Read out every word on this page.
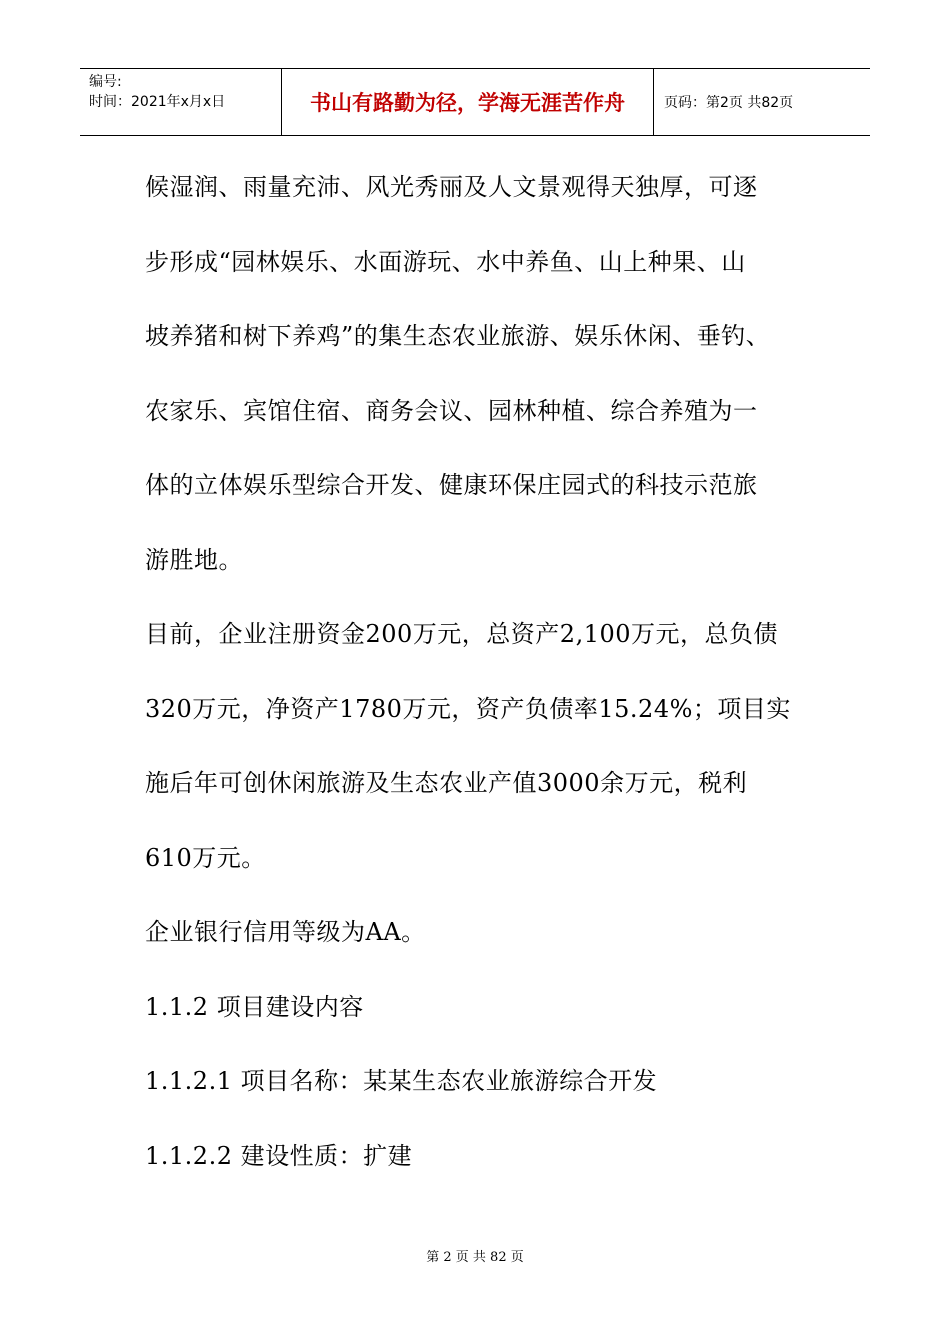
编号:
时间：2021年x月x日	书山有路勤为径，学海无涯苦作舟	页码：第2页 共82页
候湿润、雨量充沛、风光秀丽及人文景观得天独厚，可逐
步形成“园林娱乐、水面游玩、水中养鱼、山上种果、山
坡养猪和树下养鸡”的集生态农业旅游、娱乐休闲、垂钓、
农家乐、宾馆住宿、商务会议、园林种植、综合养殖为一
体的立体娱乐型综合开发、健康环保庄园式的科技示范旅
游胜地。
目前，企业注册资金200万元，总资产2,100万元，总负债
320万元，净资产1780万元，资产负债率15.24%；项目实
施后年可创休闲旅游及生态农业产值3000余万元，税利
610万元。
企业银行信用等级为AA。
1.1.2 项目建设内容
1.1.2.1 项目名称：某某生态农业旅游综合开发
1.1.2.2 建设性质：扩建
第 2 页 共 82 页
